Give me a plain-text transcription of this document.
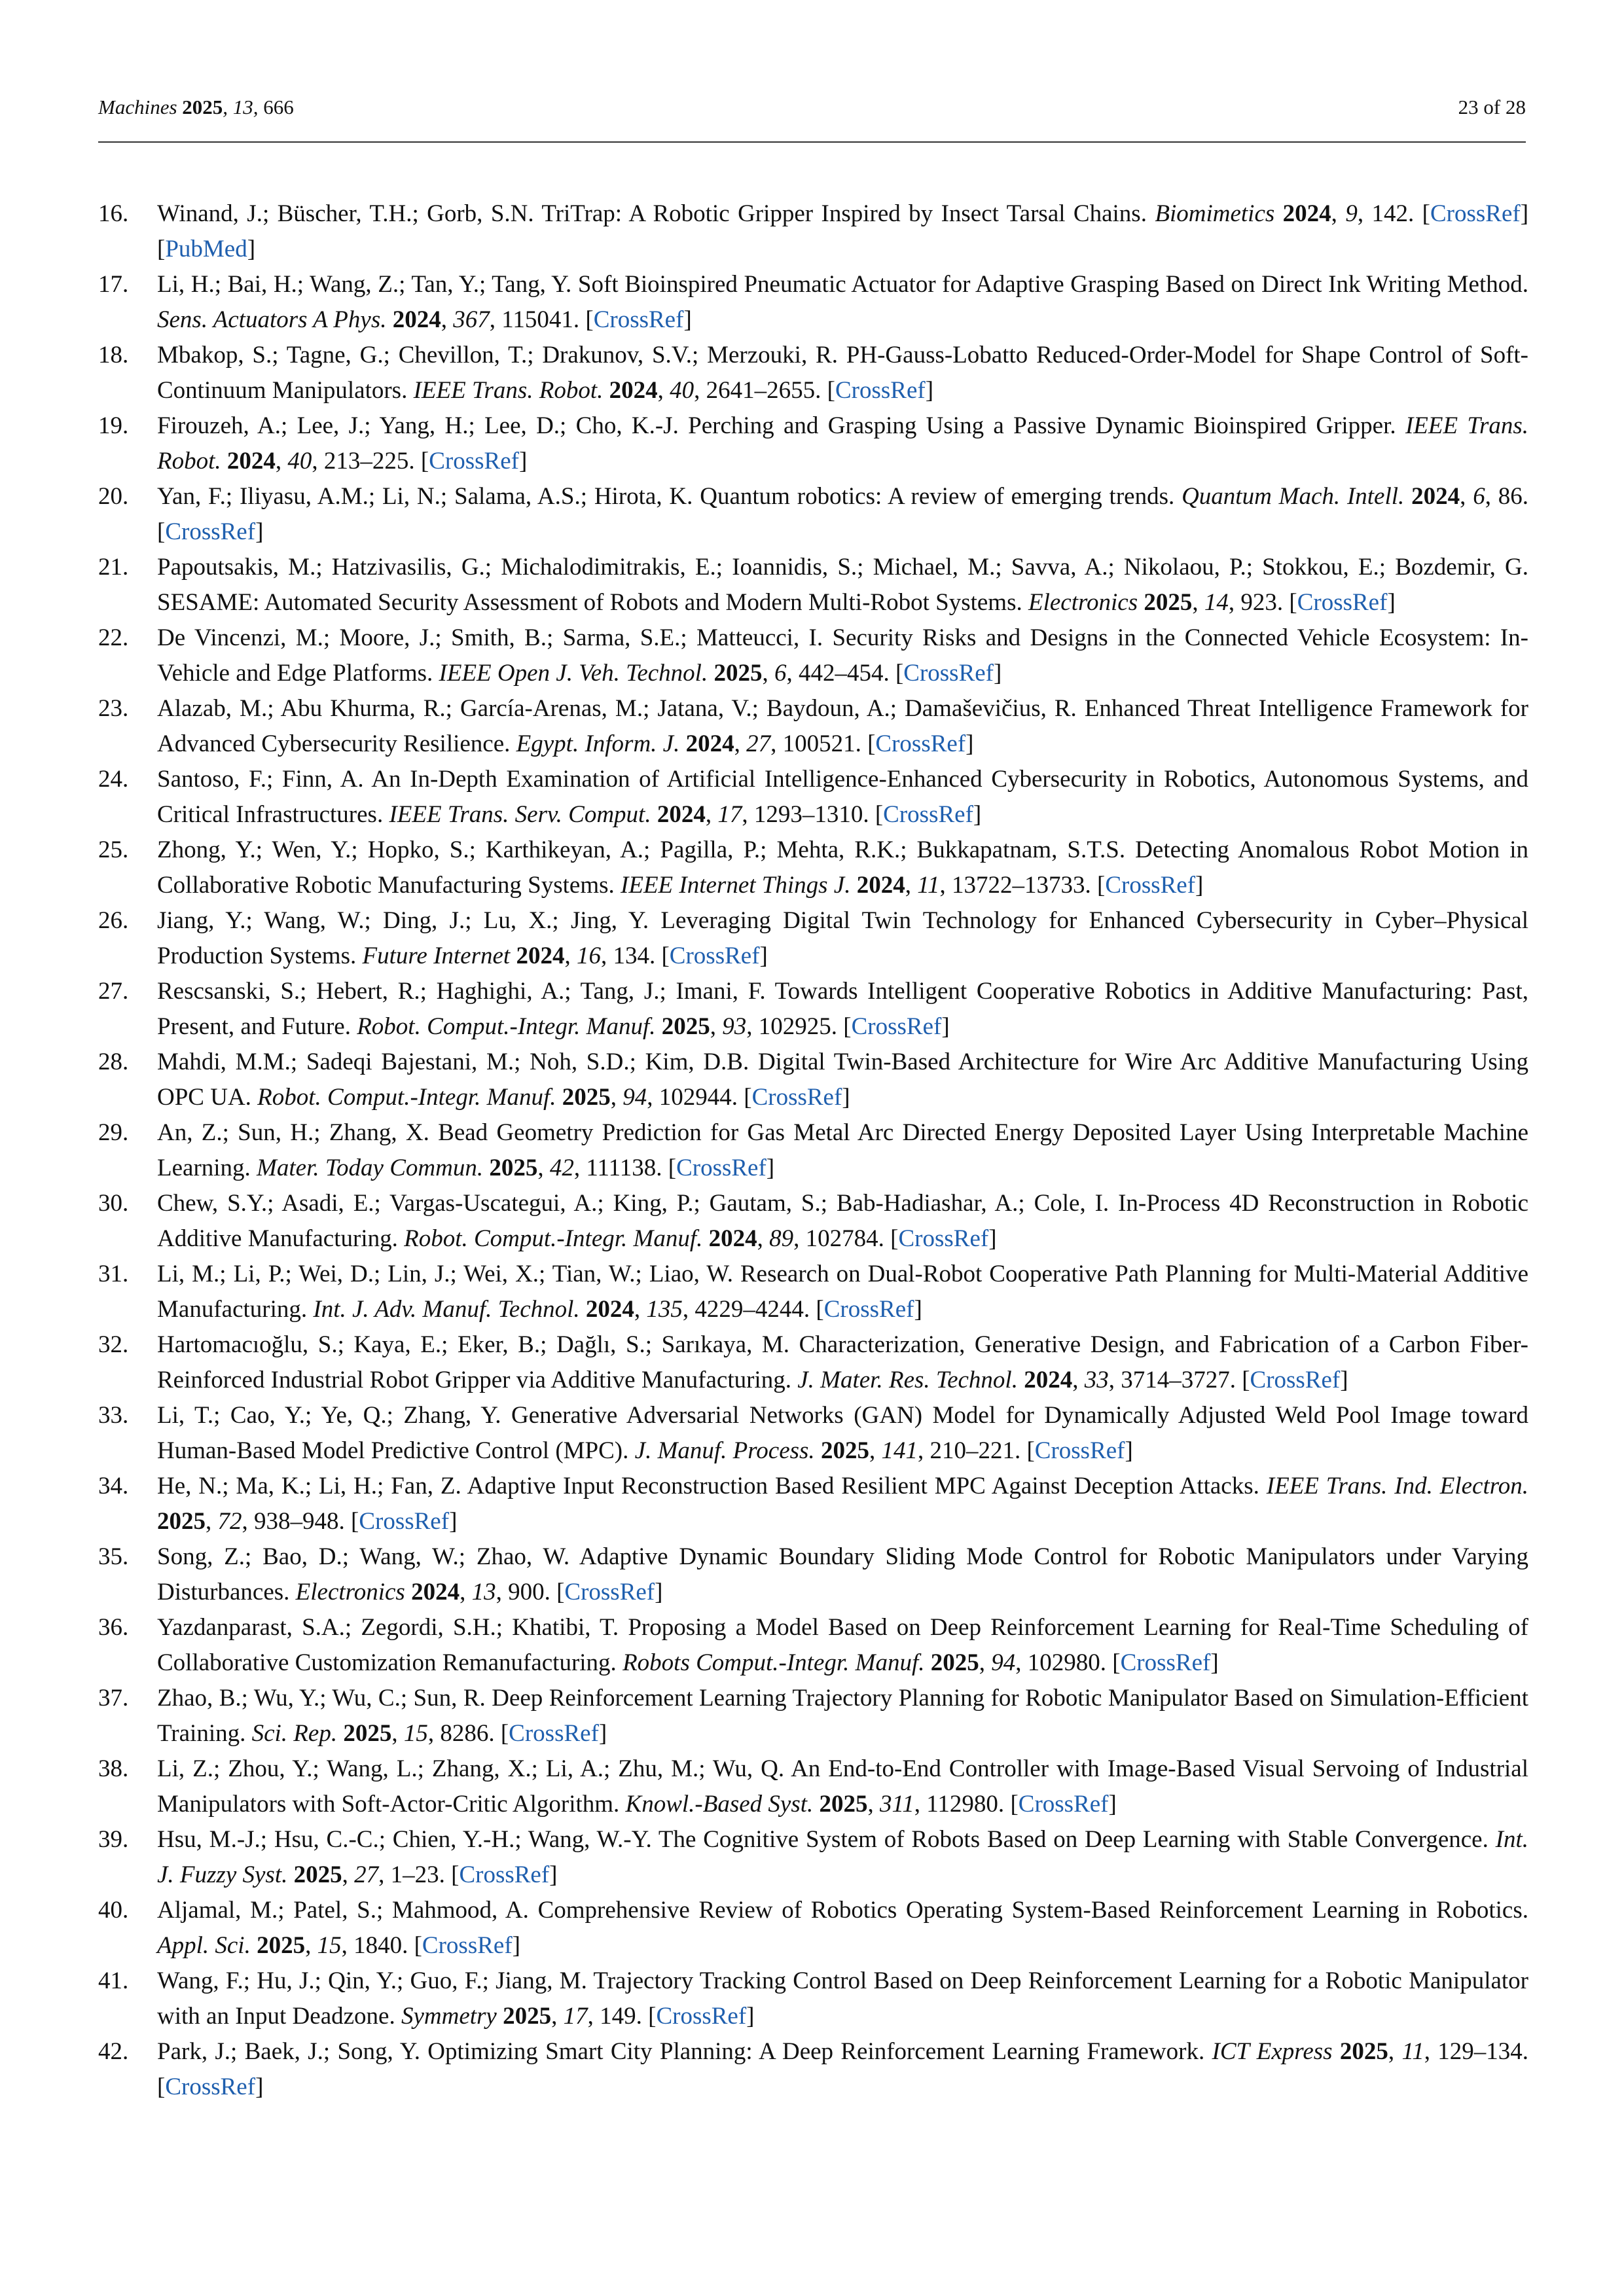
Machines 2025, 13, 666	23 of 28
16. Winand, J.; Büscher, T.H.; Gorb, S.N. TriTrap: A Robotic Gripper Inspired by Insect Tarsal Chains. Biomimetics 2024, 9, 142. [CrossRef] [PubMed]
17. Li, H.; Bai, H.; Wang, Z.; Tan, Y.; Tang, Y. Soft Bioinspired Pneumatic Actuator for Adaptive Grasping Based on Direct Ink Writing Method. Sens. Actuators A Phys. 2024, 367, 115041. [CrossRef]
18. Mbakop, S.; Tagne, G.; Chevillon, T.; Drakunov, S.V.; Merzouki, R. PH-Gauss-Lobatto Reduced-Order-Model for Shape Control of Soft-Continuum Manipulators. IEEE Trans. Robot. 2024, 40, 2641–2655. [CrossRef]
19. Firouzeh, A.; Lee, J.; Yang, H.; Lee, D.; Cho, K.-J. Perching and Grasping Using a Passive Dynamic Bioinspired Gripper. IEEE Trans. Robot. 2024, 40, 213–225. [CrossRef]
20. Yan, F.; Iliyasu, A.M.; Li, N.; Salama, A.S.; Hirota, K. Quantum robotics: A review of emerging trends. Quantum Mach. Intell. 2024, 6, 86. [CrossRef]
21. Papoutsakis, M.; Hatzivasilis, G.; Michalodimitrakis, E.; Ioannidis, S.; Michael, M.; Savva, A.; Nikolaou, P.; Stokkou, E.; Bozdemir, G. SESAME: Automated Security Assessment of Robots and Modern Multi-Robot Systems. Electronics 2025, 14, 923. [CrossRef]
22. De Vincenzi, M.; Moore, J.; Smith, B.; Sarma, S.E.; Matteucci, I. Security Risks and Designs in the Connected Vehicle Ecosystem: In-Vehicle and Edge Platforms. IEEE Open J. Veh. Technol. 2025, 6, 442–454. [CrossRef]
23. Alazab, M.; Abu Khurma, R.; García-Arenas, M.; Jatana, V.; Baydoun, A.; Damaševičius, R. Enhanced Threat Intelligence Framework for Advanced Cybersecurity Resilience. Egypt. Inform. J. 2024, 27, 100521. [CrossRef]
24. Santoso, F.; Finn, A. An In-Depth Examination of Artificial Intelligence-Enhanced Cybersecurity in Robotics, Autonomous Systems, and Critical Infrastructures. IEEE Trans. Serv. Comput. 2024, 17, 1293–1310. [CrossRef]
25. Zhong, Y.; Wen, Y.; Hopko, S.; Karthikeyan, A.; Pagilla, P.; Mehta, R.K.; Bukkapatnam, S.T.S. Detecting Anomalous Robot Motion in Collaborative Robotic Manufacturing Systems. IEEE Internet Things J. 2024, 11, 13722–13733. [CrossRef]
26. Jiang, Y.; Wang, W.; Ding, J.; Lu, X.; Jing, Y. Leveraging Digital Twin Technology for Enhanced Cybersecurity in Cyber–Physical Production Systems. Future Internet 2024, 16, 134. [CrossRef]
27. Rescsanski, S.; Hebert, R.; Haghighi, A.; Tang, J.; Imani, F. Towards Intelligent Cooperative Robotics in Additive Manufacturing: Past, Present, and Future. Robot. Comput.-Integr. Manuf. 2025, 93, 102925. [CrossRef]
28. Mahdi, M.M.; Sadeqi Bajestani, M.; Noh, S.D.; Kim, D.B. Digital Twin-Based Architecture for Wire Arc Additive Manufacturing Using OPC UA. Robot. Comput.-Integr. Manuf. 2025, 94, 102944. [CrossRef]
29. An, Z.; Sun, H.; Zhang, X. Bead Geometry Prediction for Gas Metal Arc Directed Energy Deposited Layer Using Interpretable Machine Learning. Mater. Today Commun. 2025, 42, 111138. [CrossRef]
30. Chew, S.Y.; Asadi, E.; Vargas-Uscategui, A.; King, P.; Gautam, S.; Bab-Hadiashar, A.; Cole, I. In-Process 4D Reconstruction in Robotic Additive Manufacturing. Robot. Comput.-Integr. Manuf. 2024, 89, 102784. [CrossRef]
31. Li, M.; Li, P.; Wei, D.; Lin, J.; Wei, X.; Tian, W.; Liao, W. Research on Dual-Robot Cooperative Path Planning for Multi-Material Additive Manufacturing. Int. J. Adv. Manuf. Technol. 2024, 135, 4229–4244. [CrossRef]
32. Hartomacıoğlu, S.; Kaya, E.; Eker, B.; Dağlı, S.; Sarıkaya, M. Characterization, Generative Design, and Fabrication of a Carbon Fiber-Reinforced Industrial Robot Gripper via Additive Manufacturing. J. Mater. Res. Technol. 2024, 33, 3714–3727. [CrossRef]
33. Li, T.; Cao, Y.; Ye, Q.; Zhang, Y. Generative Adversarial Networks (GAN) Model for Dynamically Adjusted Weld Pool Image toward Human-Based Model Predictive Control (MPC). J. Manuf. Process. 2025, 141, 210–221. [CrossRef]
34. He, N.; Ma, K.; Li, H.; Fan, Z. Adaptive Input Reconstruction Based Resilient MPC Against Deception Attacks. IEEE Trans. Ind. Electron. 2025, 72, 938–948. [CrossRef]
35. Song, Z.; Bao, D.; Wang, W.; Zhao, W. Adaptive Dynamic Boundary Sliding Mode Control for Robotic Manipulators under Varying Disturbances. Electronics 2024, 13, 900. [CrossRef]
36. Yazdanparast, S.A.; Zegordi, S.H.; Khatibi, T. Proposing a Model Based on Deep Reinforcement Learning for Real-Time Scheduling of Collaborative Customization Remanufacturing. Robots Comput.-Integr. Manuf. 2025, 94, 102980. [CrossRef]
37. Zhao, B.; Wu, Y.; Wu, C.; Sun, R. Deep Reinforcement Learning Trajectory Planning for Robotic Manipulator Based on Simulation-Efficient Training. Sci. Rep. 2025, 15, 8286. [CrossRef]
38. Li, Z.; Zhou, Y.; Wang, L.; Zhang, X.; Li, A.; Zhu, M.; Wu, Q. An End-to-End Controller with Image-Based Visual Servoing of Industrial Manipulators with Soft-Actor-Critic Algorithm. Knowl.-Based Syst. 2025, 311, 112980. [CrossRef]
39. Hsu, M.-J.; Hsu, C.-C.; Chien, Y.-H.; Wang, W.-Y. The Cognitive System of Robots Based on Deep Learning with Stable Convergence. Int. J. Fuzzy Syst. 2025, 27, 1–23. [CrossRef]
40. Aljamal, M.; Patel, S.; Mahmood, A. Comprehensive Review of Robotics Operating System-Based Reinforcement Learning in Robotics. Appl. Sci. 2025, 15, 1840. [CrossRef]
41. Wang, F.; Hu, J.; Qin, Y.; Guo, F.; Jiang, M. Trajectory Tracking Control Based on Deep Reinforcement Learning for a Robotic Manipulator with an Input Deadzone. Symmetry 2025, 17, 149. [CrossRef]
42. Park, J.; Baek, J.; Song, Y. Optimizing Smart City Planning: A Deep Reinforcement Learning Framework. ICT Express 2025, 11, 129–134. [CrossRef]
